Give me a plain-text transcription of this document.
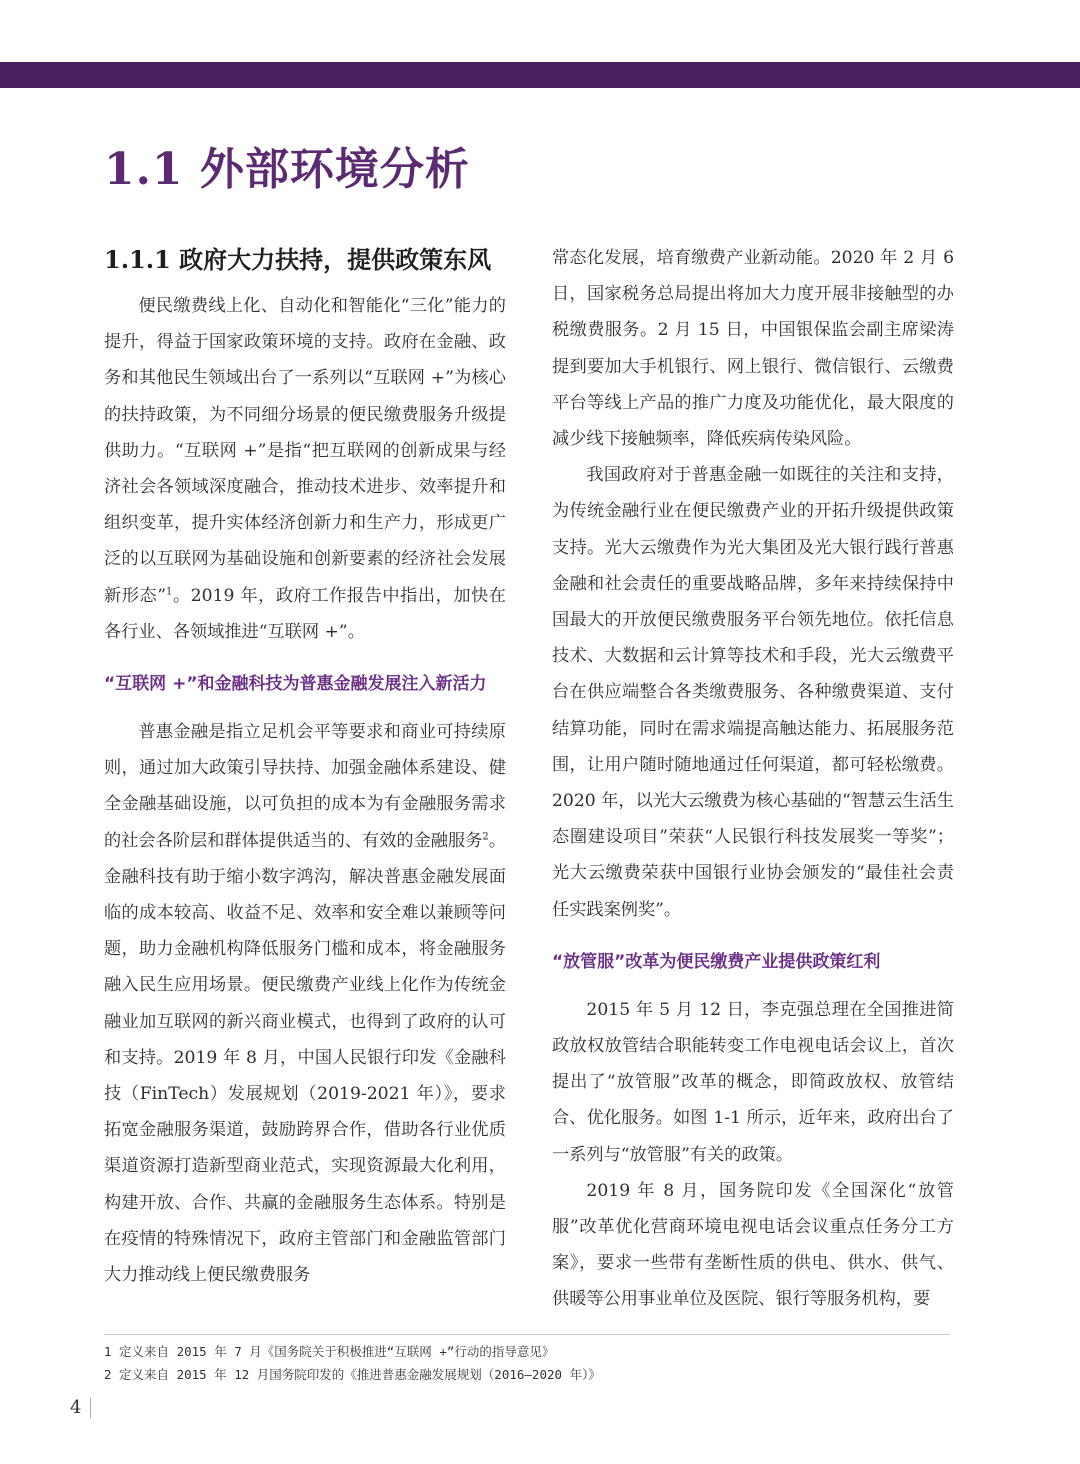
1.1 外部环境分析
1.1.1 政府大力扶持，提供政策东风

便民缴费线上化、自动化和智能化“三化”能力的提升，得益于国家政策环境的支持。政府在金融、政务和其他民生领域出台了一系列以“互联网 +”为核心的扶持政策，为不同细分场景的便民缴费服务升级提供助力。“互联网 +”是指“把互联网的创新成果与经济社会各领域深度融合，推动技术进步、效率提升和组织变革，提升实体经济创新力和生产力，形成更广泛的以互联网为基础设施和创新要素的经济社会发展新形态”$^1$。2019 年，政府工作报告中指出，加快在各行业、各领域推进“互联网 +”。

“互联网 +”和金融科技为普惠金融发展注入新活力

普惠金融是指立足机会平等要求和商业可持续原则，通过加大政策引导扶持、加强金融体系建设、健全金融基础设施，以可负担的成本为有金融服务需求的社会各阶层和群体提供适当的、有效的金融服务$^2$。金融科技有助于缩小数字鸿沟，解决普惠金融发展面临的成本较高、收益不足、效率和安全难以兼顾等问题，助力金融机构降低服务门槛和成本，将金融服务融入民生应用场景。便民缴费产业线上化作为传统金融业加互联网的新兴商业模式，也得到了政府的认可和支持。2019 年 8 月，中国人民银行印发《金融科技（FinTech）发展规划（2019-2021 年）》，要求拓宽金融服务渠道，鼓励跨界合作，借助各行业优质渠道资源打造新型商业范式，实现资源最大化利用，构建开放、合作、共赢的金融服务生态体系。特别是在疫情的特殊情况下，政府主管部门和金融监管部门大力推动线上便民缴费服务

常态化发展，培育缴费产业新动能。2020 年 2 月 6 日，国家税务总局提出将加大力度开展非接触型的办税缴费服务。2 月 15 日，中国银保监会副主席梁涛提到要加大手机银行、网上银行、微信银行、云缴费平台等线上产品的推广力度及功能优化，最大限度的减少线下接触频率，降低疾病传染风险。

我国政府对于普惠金融一如既往的关注和支持，为传统金融行业在便民缴费产业的开拓升级提供政策支持。光大云缴费作为光大集团及光大银行践行普惠金融和社会责任的重要战略品牌，多年来持续保持中国最大的开放便民缴费服务平台领先地位。依托信息技术、大数据和云计算等技术和手段，光大云缴费平台在供应端整合各类缴费服务、各种缴费渠道、支付结算功能，同时在需求端提高触达能力、拓展服务范围，让用户随时随地通过任何渠道，都可轻松缴费。2020 年，以光大云缴费为核心基础的“智慧云生活生态圈建设项目”荣获“人民银行科技发展奖一等奖”；光大云缴费荣获中国银行业协会颁发的“最佳社会责任实践案例奖”。

“放管服”改革为便民缴费产业提供政策红利

2015 年 5 月 12 日，李克强总理在全国推进简政放权放管结合职能转变工作电视电话会议上，首次提出了“放管服”改革的概念，即简政放权、放管结合、优化服务。如图 1-1 所示，近年来，政府出台了一系列与“放管服”有关的政策。

2019 年 8 月，国务院印发《全国深化“放管服”改革优化营商环境电视电话会议重点任务分工方案》，要求一些带有垄断性质的供电、供水、供气、供暖等公用事业单位及医院、银行等服务机构，要

1 定义来自 2015 年 7 月《国务院关于积极推进“互联网 +”行动的指导意见》

2 定义来自 2015 年 12 月国务院印发的《推进普惠金融发展规划（2016—2020 年）》

4
